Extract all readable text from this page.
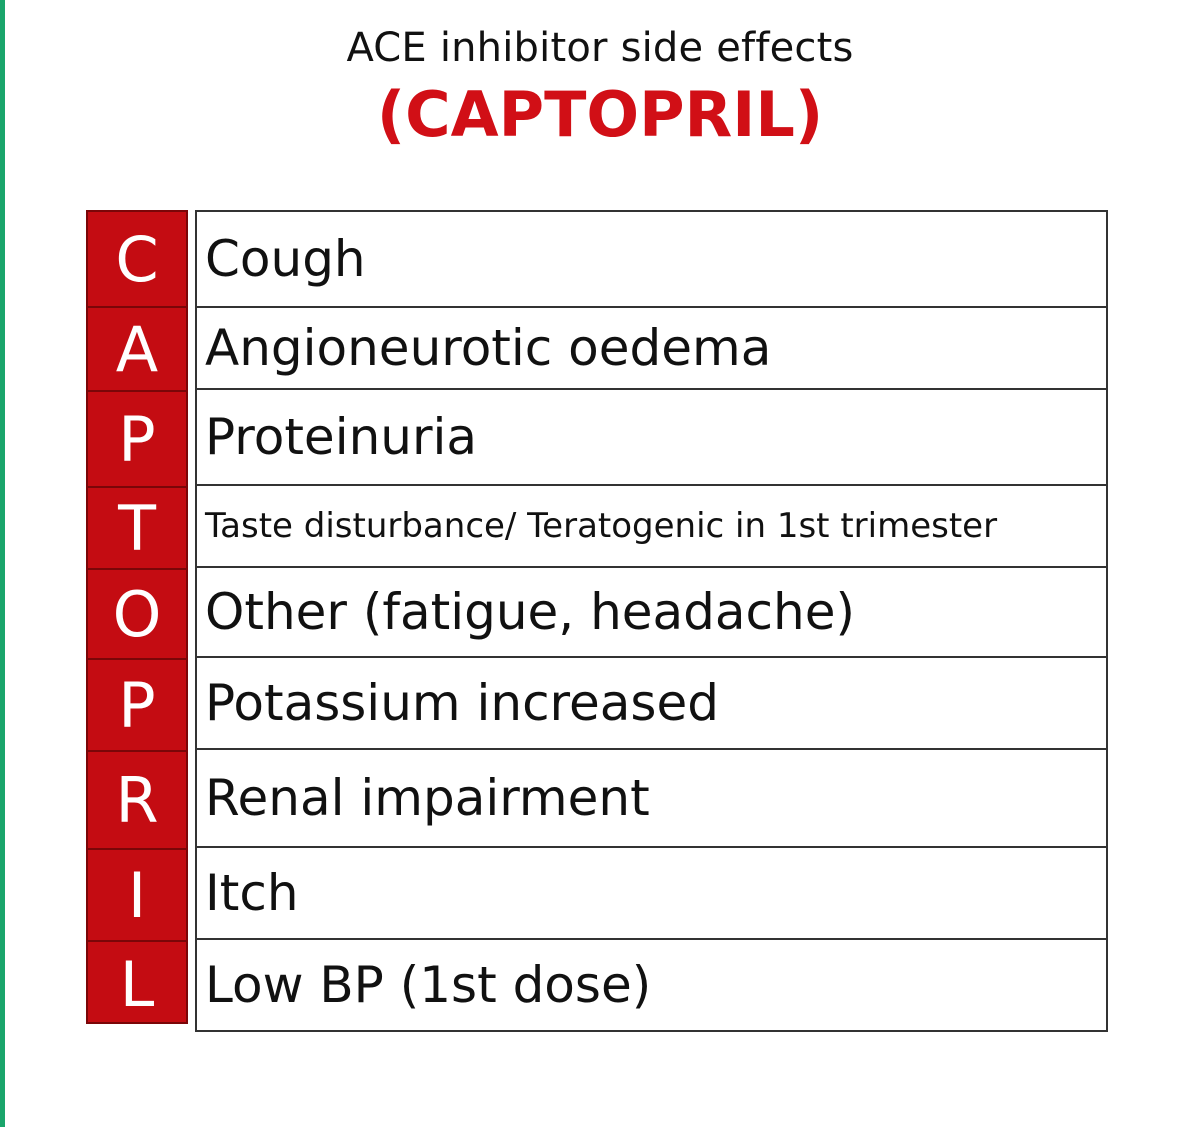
ACE inhibitor side effects
(CAPTOPRIL)
C
A
P
T
O
P
R
I
L
Cough
Angioneurotic oedema
Proteinuria
Taste disturbance/ Teratogenic in 1st trimester
Other (fatigue, headache)
Potassium increased
Renal impairment
Itch
Low BP (1st dose)
